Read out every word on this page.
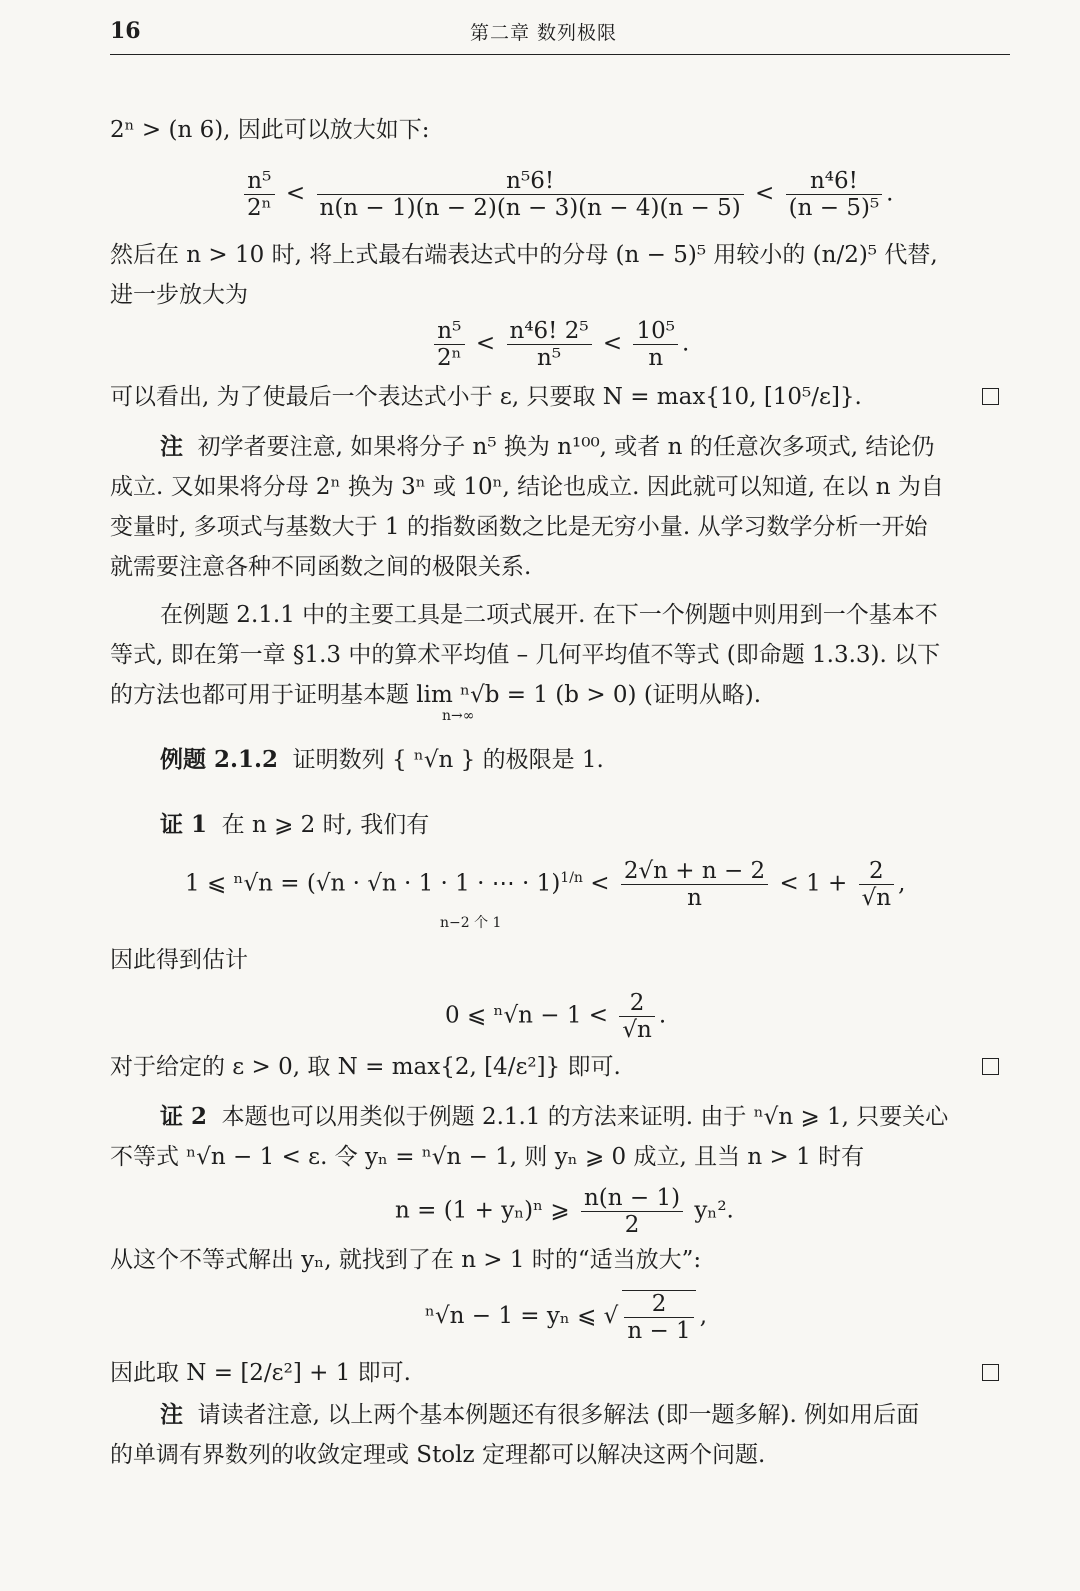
16	第二章 数列极限
2ⁿ > (n 6), 因此可以放大如下:
$\frac{\text{n⁵}}{\text{2ⁿ}} < \frac{\text{n⁵6!}}{n(n - 1)(n - 2)(n - 3)(n - 4)(n - 5)} < \frac{\text{n⁴6!}}{\text{(n − 5)⁵}}$ .
然后在 n > 10 时, 将上式最右端表达式中的分母 (n − 5)⁵ 用较小的 (n/2)⁵ 代替,
进一步放大为
$\frac{\text{n⁵}}{\text{2ⁿ}} < \frac{\text{n⁴6! 2⁵}}{\text{n⁵}} < \frac{\text{10⁵}}{n}$ .
可以看出, 为了使最后一个表达式小于 ε, 只要取 N = max{10, [10⁵/ε]}.
注 初学者要注意, 如果将分子 n⁵ 换为 n¹⁰⁰, 或者 n 的任意次多项式, 结论仍
成立. 又如果将分母 2ⁿ 换为 3ⁿ 或 10ⁿ, 结论也成立. 因此就可以知道, 在以 n 为自
变量时, 多项式与基数大于 1 的指数函数之比是无穷小量. 从学习数学分析一开始
就需要注意各种不同函数之间的极限关系.
在例题 2.1.1 中的主要工具是二项式展开. 在下一个例题中则用到一个基本不
等式, 即在第一章 §1.3 中的算术平均值 – 几何平均值不等式 (即命题 1.3.3). 以下
的方法也都可用于证明基本题 lim ⁿ√b = 1 (b > 0) (证明从略).
n→∞
例题 2.1.2 证明数列 { ⁿ√n } 的极限是 1.
证 1 在 n ⩾ 2 时, 我们有
1 ⩽ ⁿ√n = (√n · √n · 1 · 1 · ⋯ · $1)^{1/n} < \frac{2√n + n - 2}{n} < 1 + \frac{2}{√n}$ ,
n−2 个 1
因此得到估计
0 ⩽ $^n√n - 1 < \frac{2}{√n}$ .
对于给定的 ε > 0, 取 N = max{2, [4/ε²]} 即可.
证 2 本题也可以用类似于例题 2.1.1 的方法来证明. 由于 ⁿ√n ⩾ 1, 只要关心
不等式 ⁿ√n − 1 < ε. 令 yₙ = ⁿ√n − 1, 则 yₙ ⩾ 0 成立, 且当 n > 1 时有
n = (1 + yₙ)ⁿ ⩾ $\frac{n(n - 1)}{2} y_n^2$.
从这个不等式解出 yₙ, 就找到了在 n > 1 时的“适当放大”:
ⁿ√n − 1 = yₙ ⩽ √ $\frac{2}{n - 1}$ ,
因此取 N = [2/ε²] + 1 即可.
注 请读者注意, 以上两个基本例题还有很多解法 (即一题多解). 例如用后面
的单调有界数列的收敛定理或 Stolz 定理都可以解决这两个问题.
